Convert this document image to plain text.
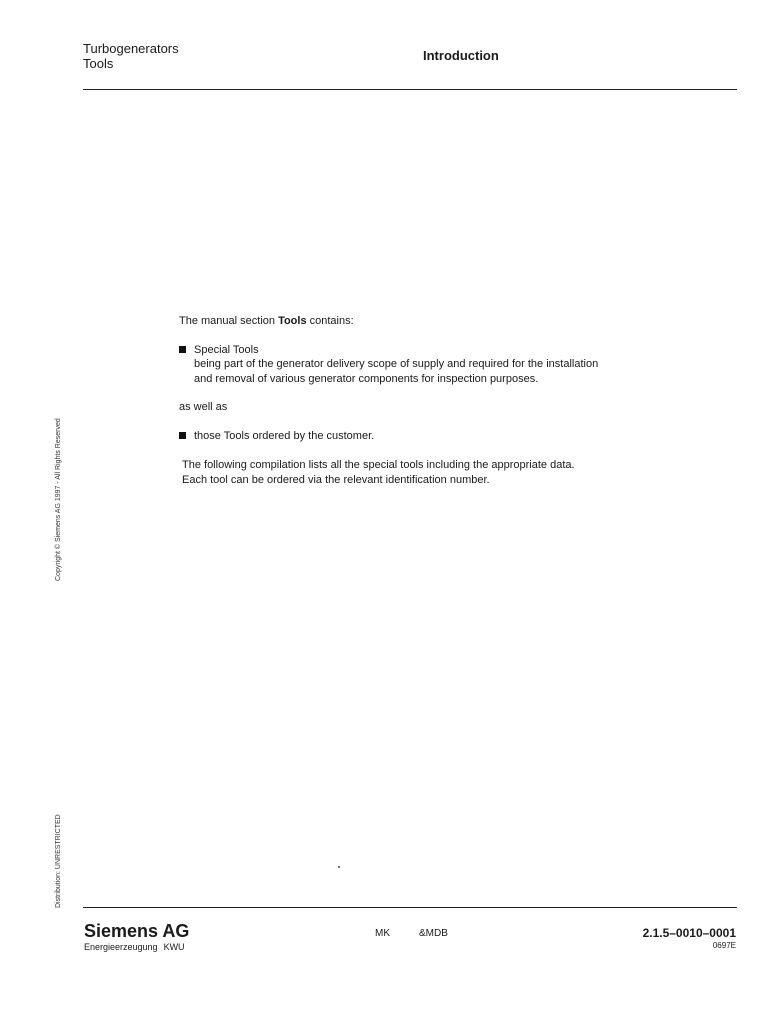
Turbogenerators
Tools
Introduction

The manual section Tools contains:

Special Tools
being part of the generator delivery scope of supply and required for the installation and removal of various generator components for inspection purposes.

as well as

those Tools ordered by the customer.
The following compilation lists all the special tools including the appropriate data.
Each tool can be ordered via the relevant identification number.
Copyright © Siemens AG 1997 - All Rights Reserved
Distribution: UNRESTRICTED
Siemens AG
Energieerzeugung KWU
MK	&MDB	2.1.5–0010–0001
0697E
